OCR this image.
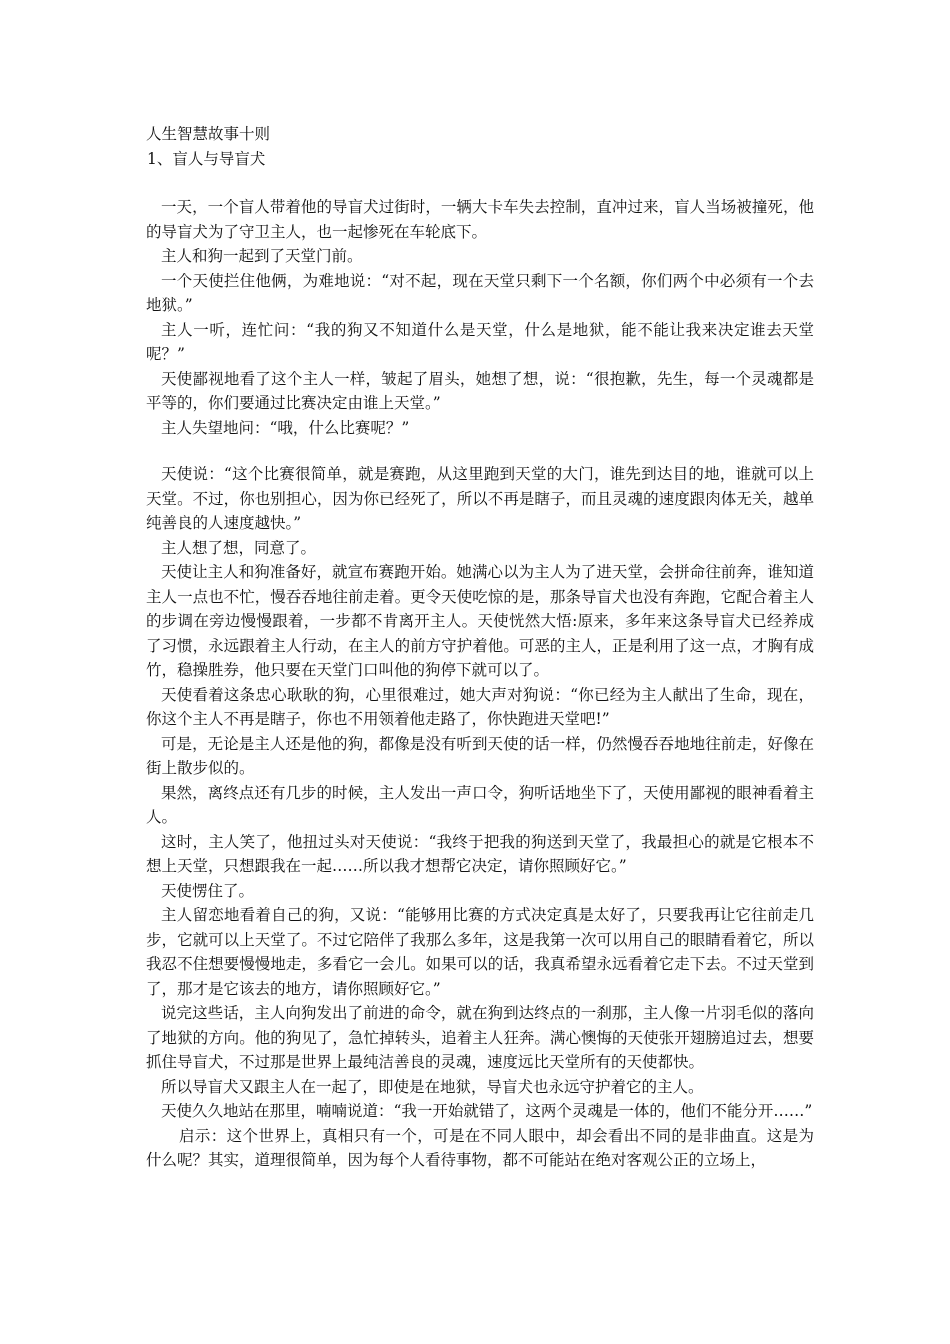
人生智慧故事十则
1、盲人与导盲犬

一天，一个盲人带着他的导盲犬过街时，一辆大卡车失去控制，直冲过来，盲人当场被撞死，他的导盲犬为了守卫主人，也一起惨死在车轮底下。

主人和狗一起到了天堂门前。

一个天使拦住他俩，为难地说：“对不起，现在天堂只剩下一个名额，你们两个中必须有一个去地狱。”

主人一听，连忙问：“我的狗又不知道什么是天堂，什么是地狱，能不能让我来决定谁去天堂呢？”

天使鄙视地看了这个主人一样，皱起了眉头，她想了想，说：“很抱歉，先生，每一个灵魂都是平等的，你们要通过比赛决定由谁上天堂。”

主人失望地问：“哦，什么比赛呢？”

天使说：“这个比赛很简单，就是赛跑，从这里跑到天堂的大门，谁先到达目的地，谁就可以上天堂。不过，你也别担心，因为你已经死了，所以不再是瞎子，而且灵魂的速度跟肉体无关，越单纯善良的人速度越快。”

主人想了想，同意了。

天使让主人和狗准备好，就宣布赛跑开始。她满心以为主人为了进天堂，会拼命往前奔，谁知道主人一点也不忙，慢吞吞地往前走着。更令天使吃惊的是，那条导盲犬也没有奔跑，它配合着主人的步调在旁边慢慢跟着，一步都不肯离开主人。天使恍然大悟:原来，多年来这条导盲犬已经养成了习惯，永远跟着主人行动，在主人的前方守护着他。可恶的主人，正是利用了这一点，才胸有成竹，稳操胜券，他只要在天堂门口叫他的狗停下就可以了。

天使看着这条忠心耿耿的狗，心里很难过，她大声对狗说：“你已经为主人献出了生命，现在，你这个主人不再是瞎子，你也不用领着他走路了，你快跑进天堂吧!”

可是，无论是主人还是他的狗，都像是没有听到天使的话一样，仍然慢吞吞地地往前走，好像在街上散步似的。

果然，离终点还有几步的时候，主人发出一声口令，狗听话地坐下了，天使用鄙视的眼神看着主人。

这时，主人笑了，他扭过头对天使说：“我终于把我的狗送到天堂了，我最担心的就是它根本不想上天堂，只想跟我在一起……所以我才想帮它决定，请你照顾好它。”

天使愣住了。

主人留恋地看着自己的狗，又说：“能够用比赛的方式决定真是太好了，只要我再让它往前走几步，它就可以上天堂了。不过它陪伴了我那么多年，这是我第一次可以用自己的眼睛看着它，所以我忍不住想要慢慢地走，多看它一会儿。如果可以的话，我真希望永远看着它走下去。不过天堂到了，那才是它该去的地方，请你照顾好它。”

说完这些话，主人向狗发出了前进的命令，就在狗到达终点的一刹那，主人像一片羽毛似的落向了地狱的方向。他的狗见了，急忙掉转头，追着主人狂奔。满心懊悔的天使张开翅膀追过去，想要抓住导盲犬，不过那是世界上最纯洁善良的灵魂，速度远比天堂所有的天使都快。

所以导盲犬又跟主人在一起了，即使是在地狱，导盲犬也永远守护着它的主人。

天使久久地站在那里，喃喃说道：“我一开始就错了，这两个灵魂是一体的，他们不能分开……”

启示：这个世界上，真相只有一个，可是在不同人眼中，却会看出不同的是非曲直。这是为什么呢？其实，道理很简单，因为每个人看待事物，都不可能站在绝对客观公正的立场上，
